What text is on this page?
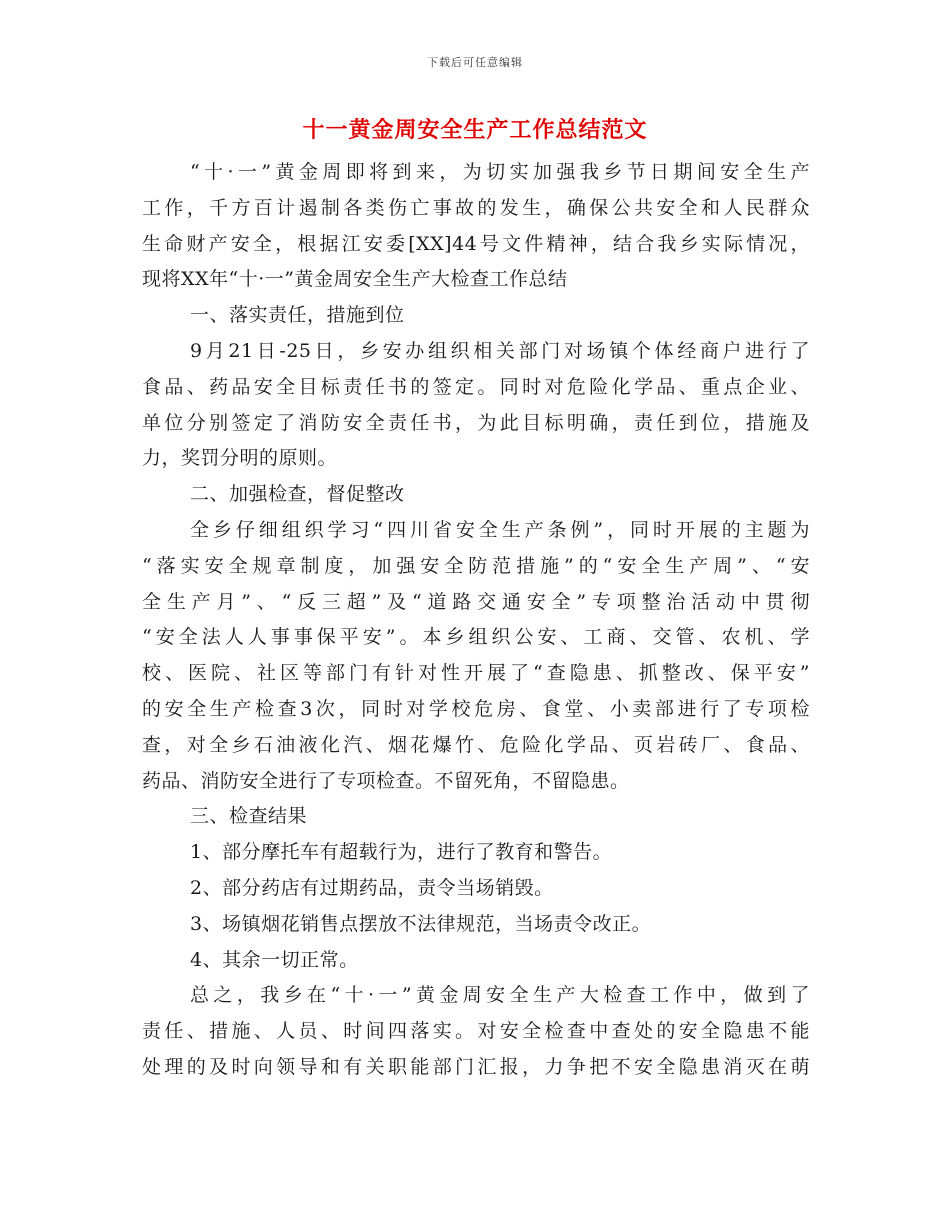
下载后可任意编辑
十一黄金周安全生产工作总结范文
“十·一”黄金周即将到来，为切实加强我乡节日期间安全生产
工作，千方百计遏制各类伤亡事故的发生，确保公共安全和人民群众
生命财产安全，根据江安委[XX]44号文件精神，结合我乡实际情况，
现将XX年“十·一”黄金周安全生产大检查工作总结
一、落实责任，措施到位
9月21日-25日，乡安办组织相关部门对场镇个体经商户进行了
食品、药品安全目标责任书的签定。同时对危险化学品、重点企业、
单位分别签定了消防安全责任书，为此目标明确，责任到位，措施及
力，奖罚分明的原则。
二、加强检查，督促整改
全乡仔细组织学习“四川省安全生产条例”，同时开展的主题为
“落实安全规章制度，加强安全防范措施”的“安全生产周”、“安
全生产月”、“反三超”及“道路交通安全”专项整治活动中贯彻
“安全法人人事事保平安”。本乡组织公安、工商、交管、农机、学
校、医院、社区等部门有针对性开展了“查隐患、抓整改、保平安”
的安全生产检查3次，同时对学校危房、食堂、小卖部进行了专项检
查，对全乡石油液化汽、烟花爆竹、危险化学品、页岩砖厂、食品、
药品、消防安全进行了专项检查。不留死角，不留隐患。
三、检查结果
1、部分摩托车有超载行为，进行了教育和警告。
2、部分药店有过期药品，责令当场销毁。
3、场镇烟花销售点摆放不法律规范，当场责令改正。
4、其余一切正常。
总之，我乡在“十·一”黄金周安全生产大检查工作中，做到了
责任、措施、人员、时间四落实。对安全检查中查处的安全隐患不能
处理的及时向领导和有关职能部门汇报，力争把不安全隐患消灭在萌
